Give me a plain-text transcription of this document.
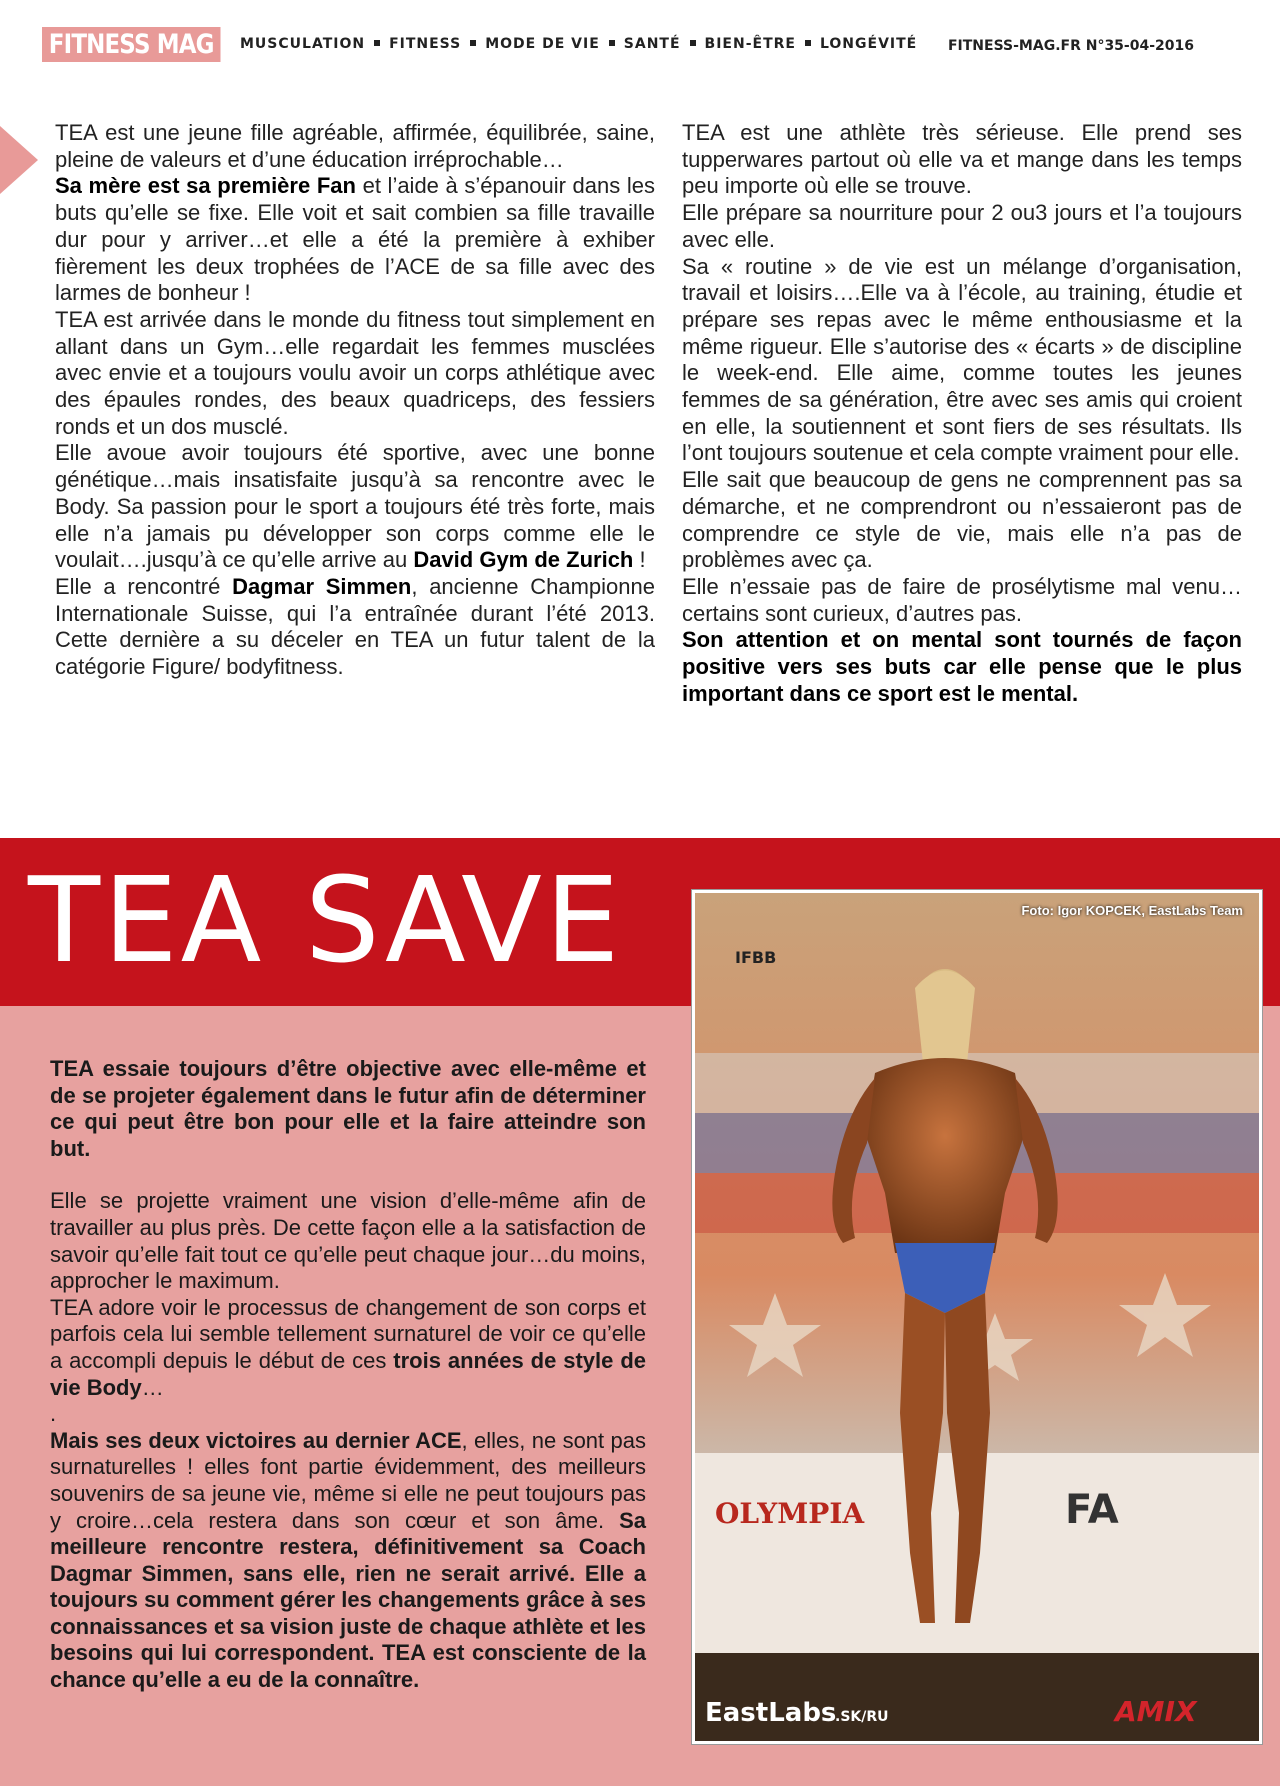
FITNESS MAG	MUSCULATION FITNESS MODE DE VIE SANTÉ BIEN-ÊTRE LONGÉVITÉ FITNESS-MAG.FR N°35-04-2016

TEA est une jeune fille agréable, affirmée, équilibrée, saine, pleine de valeurs et d’une éducation irréprochable…

Sa mère est sa première Fan et l’aide à s’épanouir dans les buts qu’elle se fixe. Elle voit et sait combien sa fille travaille dur pour y arriver…et elle a été la première à exhiber fièrement les deux trophées de l’ACE de sa fille avec des larmes de bonheur !

TEA est arrivée dans le monde du fitness tout simplement en allant dans un Gym…elle regardait les femmes musclées avec envie et a toujours voulu avoir un corps athlétique avec des épaules rondes, des beaux quadriceps, des fessiers ronds et un dos musclé.

Elle avoue avoir toujours été sportive, avec une bonne génétique…mais insatisfaite jusqu’à sa rencontre avec le Body. Sa passion pour le sport a toujours été très forte, mais elle n’a jamais pu développer son corps comme elle le voulait….jusqu’à ce qu’elle arrive au David Gym de Zurich !

Elle a rencontré Dagmar Simmen, ancienne Championne Internationale Suisse, qui l’a entraînée durant l’été 2013. Cette dernière a su déceler en TEA un futur talent de la catégorie Figure/ bodyfitness.

TEA est une athlète très sérieuse. Elle prend ses tupperwares partout où elle va et mange dans les temps peu importe où elle se trouve.

Elle prépare sa nourriture pour 2 ou3 jours et l’a toujours avec elle.

Sa « routine » de vie est un mélange d’organisation, travail et loisirs….Elle va à l’école, au training, étudie et prépare ses repas avec le même enthousiasme et la même rigueur. Elle s’autorise des « écarts » de discipline le week-end. Elle aime, comme toutes les jeunes femmes de sa génération, être avec ses amis qui croient en elle, la soutiennent et sont fiers de ses résultats. Ils l’ont toujours soutenue et cela compte vraiment pour elle.

Elle sait que beaucoup de gens ne comprennent pas sa démarche, et ne comprendront ou n’essaieront pas de comprendre ce style de vie, mais elle n’a pas de problèmes avec ça.

Elle n’essaie pas de faire de prosélytisme mal venu…certains sont curieux, d’autres pas.

Son attention et on mental sont tournés de façon positive vers ses buts car elle pense que le plus important dans ce sport est le mental.

TEA SAVE

TEA essaie toujours d’être objective avec elle-même et de se projeter également dans le futur afin de déterminer ce qui peut être bon pour elle et la faire atteindre son but.

Elle se projette vraiment une vision d’elle-même afin de travailler au plus près. De cette façon elle a la satisfaction de savoir qu’elle fait tout ce qu’elle peut chaque jour…du moins, approcher le maximum.

TEA adore voir le processus de changement de son corps et parfois cela lui semble tellement surnaturel de voir ce qu’elle a accompli depuis le début de ces trois années de style de vie Body…

.

Mais ses deux victoires au dernier ACE, elles, ne sont pas surnaturelles ! elles font partie évidemment, des meilleurs souvenirs de sa jeune vie, même si elle ne peut toujours pas y croire…cela restera dans son cœur et son âme. Sa meilleure rencontre restera, définitivement sa Coach Dagmar Simmen, sans elle, rien ne serait arrivé. Elle a toujours su comment gérer les changements grâce à ses connaissances et sa vision juste de chaque athlète et les besoins qui lui correspondent. TEA est consciente de la chance qu’elle a eu de la connaître.

IFBB
OLYMPIA	FA
EastLabs
.SK/RU	AMIX
Foto: Igor KOPCEK, EastLabs Team
